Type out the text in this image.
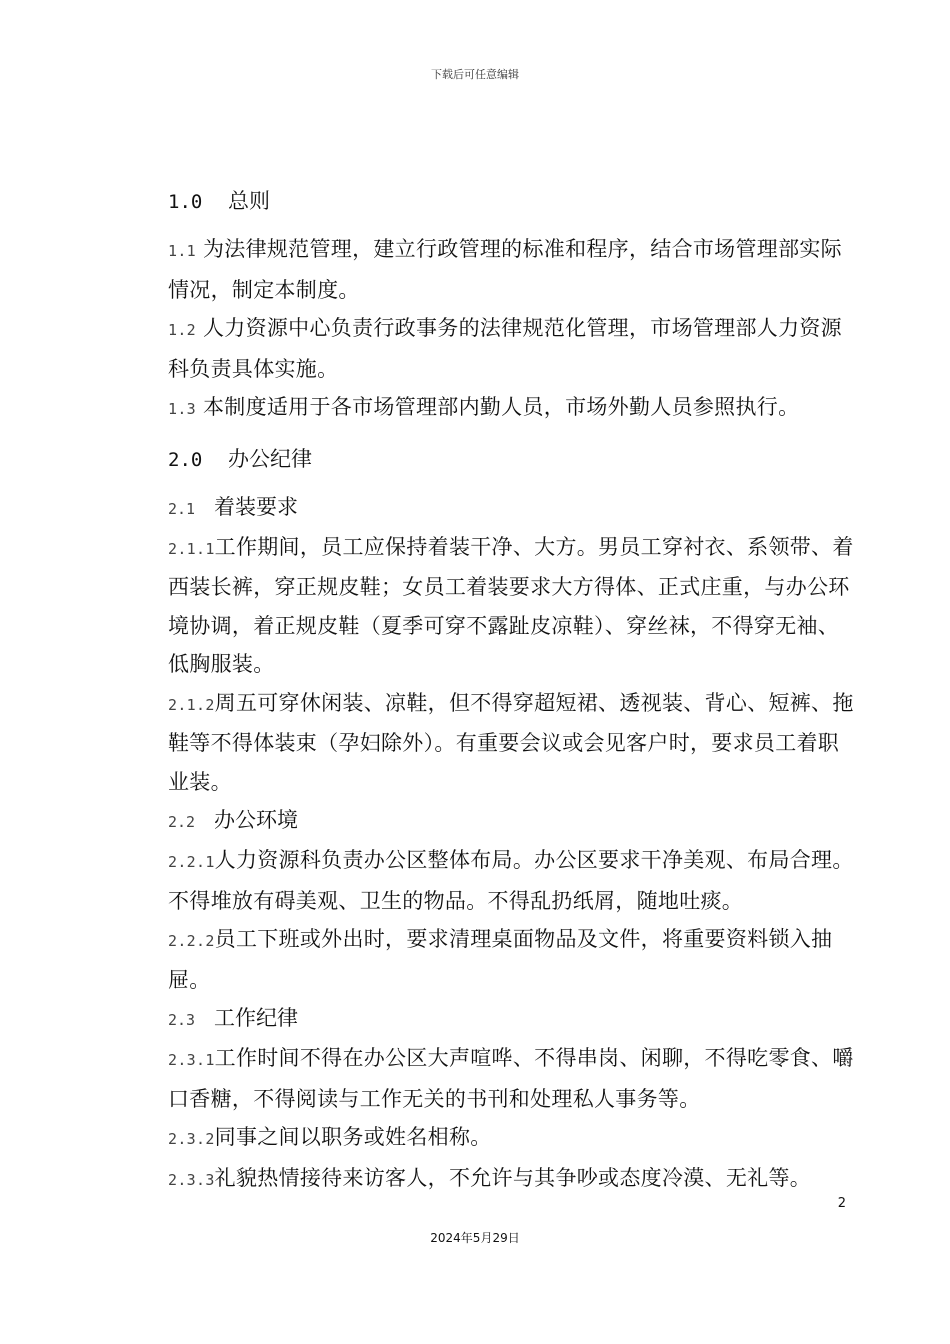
下载后可任意编辑

1.0 总则

1.1 为法律规范管理，建立行政管理的标准和程序，结合市场管理部实际情况，制定本制度。

1.2 人力资源中心负责行政事务的法律规范化管理，市场管理部人力资源科负责具体实施。

1.3 本制度适用于各市场管理部内勤人员，市场外勤人员参照执行。

2.0 办公纪律

2.1 着装要求

2.1.1工作期间，员工应保持着装干净、大方。男员工穿衬衣、系领带、着西装长裤，穿正规皮鞋；女员工着装要求大方得体、正式庄重，与办公环境协调，着正规皮鞋（夏季可穿不露趾皮凉鞋）、穿丝袜，不得穿无袖、低胸服装。

2.1.2周五可穿休闲装、凉鞋，但不得穿超短裙、透视装、背心、短裤、拖鞋等不得体装束（孕妇除外）。有重要会议或会见客户时，要求员工着职业装。

2.2 办公环境

2.2.1人力资源科负责办公区整体布局。办公区要求干净美观、布局合理。不得堆放有碍美观、卫生的物品。不得乱扔纸屑，随地吐痰。

2.2.2员工下班或外出时，要求清理桌面物品及文件，将重要资料锁入抽屉。

2.3 工作纪律

2.3.1工作时间不得在办公区大声喧哗、不得串岗、闲聊，不得吃零食、嚼口香糖，不得阅读与工作无关的书刊和处理私人事务等。

2.3.2同事之间以职务或姓名相称。

2.3.3礼貌热情接待来访客人，不允许与其争吵或态度冷漠、无礼等。

2
2024年5月29日
